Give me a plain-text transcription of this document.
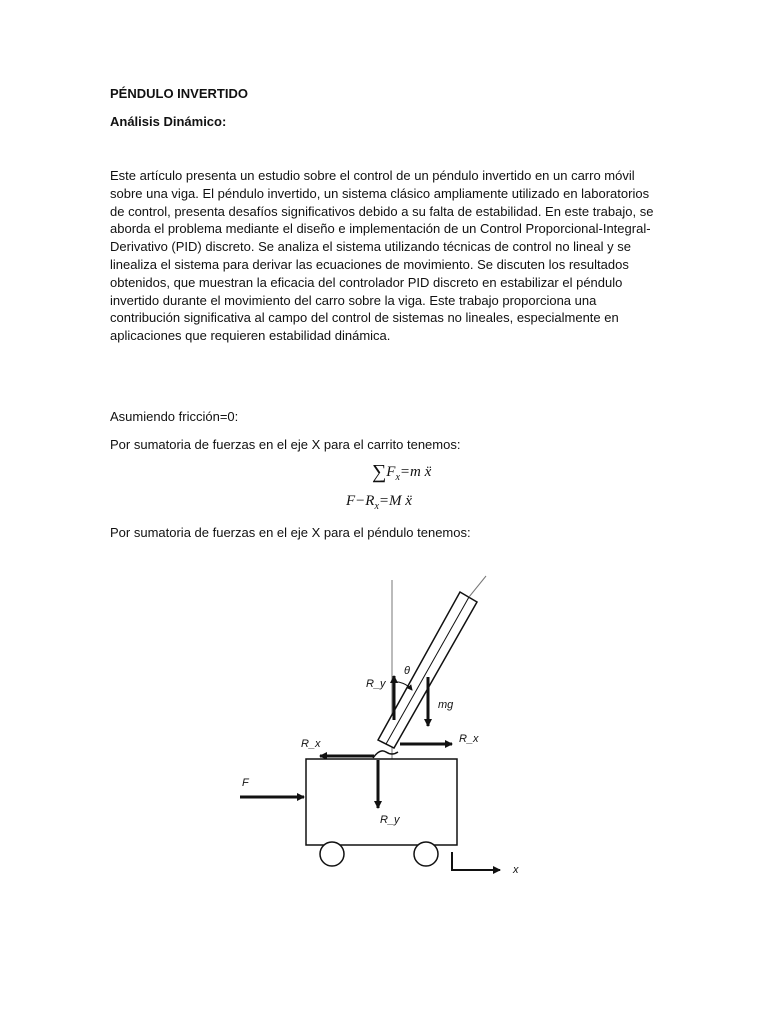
PÉNDULO INVERTIDO
Análisis Dinámico:
Este artículo presenta un estudio sobre el control de un péndulo invertido en un carro móvil sobre una viga. El péndulo invertido, un sistema clásico ampliamente utilizado en laboratorios de control, presenta desafíos significativos debido a su falta de estabilidad. En este trabajo, se aborda el problema mediante el diseño e implementación de un Control Proporcional-Integral-Derivativo (PID) discreto. Se analiza el sistema utilizando técnicas de control no lineal y se linealiza el sistema para derivar las ecuaciones de movimiento. Se discuten los resultados obtenidos, que muestran la eficacia del controlador PID discreto en estabilizar el péndulo invertido durante el movimiento del carro sobre la viga. Este trabajo proporciona una contribución significativa al campo del control de sistemas no lineales, especialmente en aplicaciones que requieren estabilidad dinámica.
Asumiendo fricción=0:
Por sumatoria de fuerzas en el eje X para el carrito tenemos:
$\sum F_x=m$ ẍ
$F-R_x=M$ ẍ
Por sumatoria de fuerzas en el eje X para el péndulo tenemos:
θ
R_y
mg
R_x
R_x
F
R_y
x
